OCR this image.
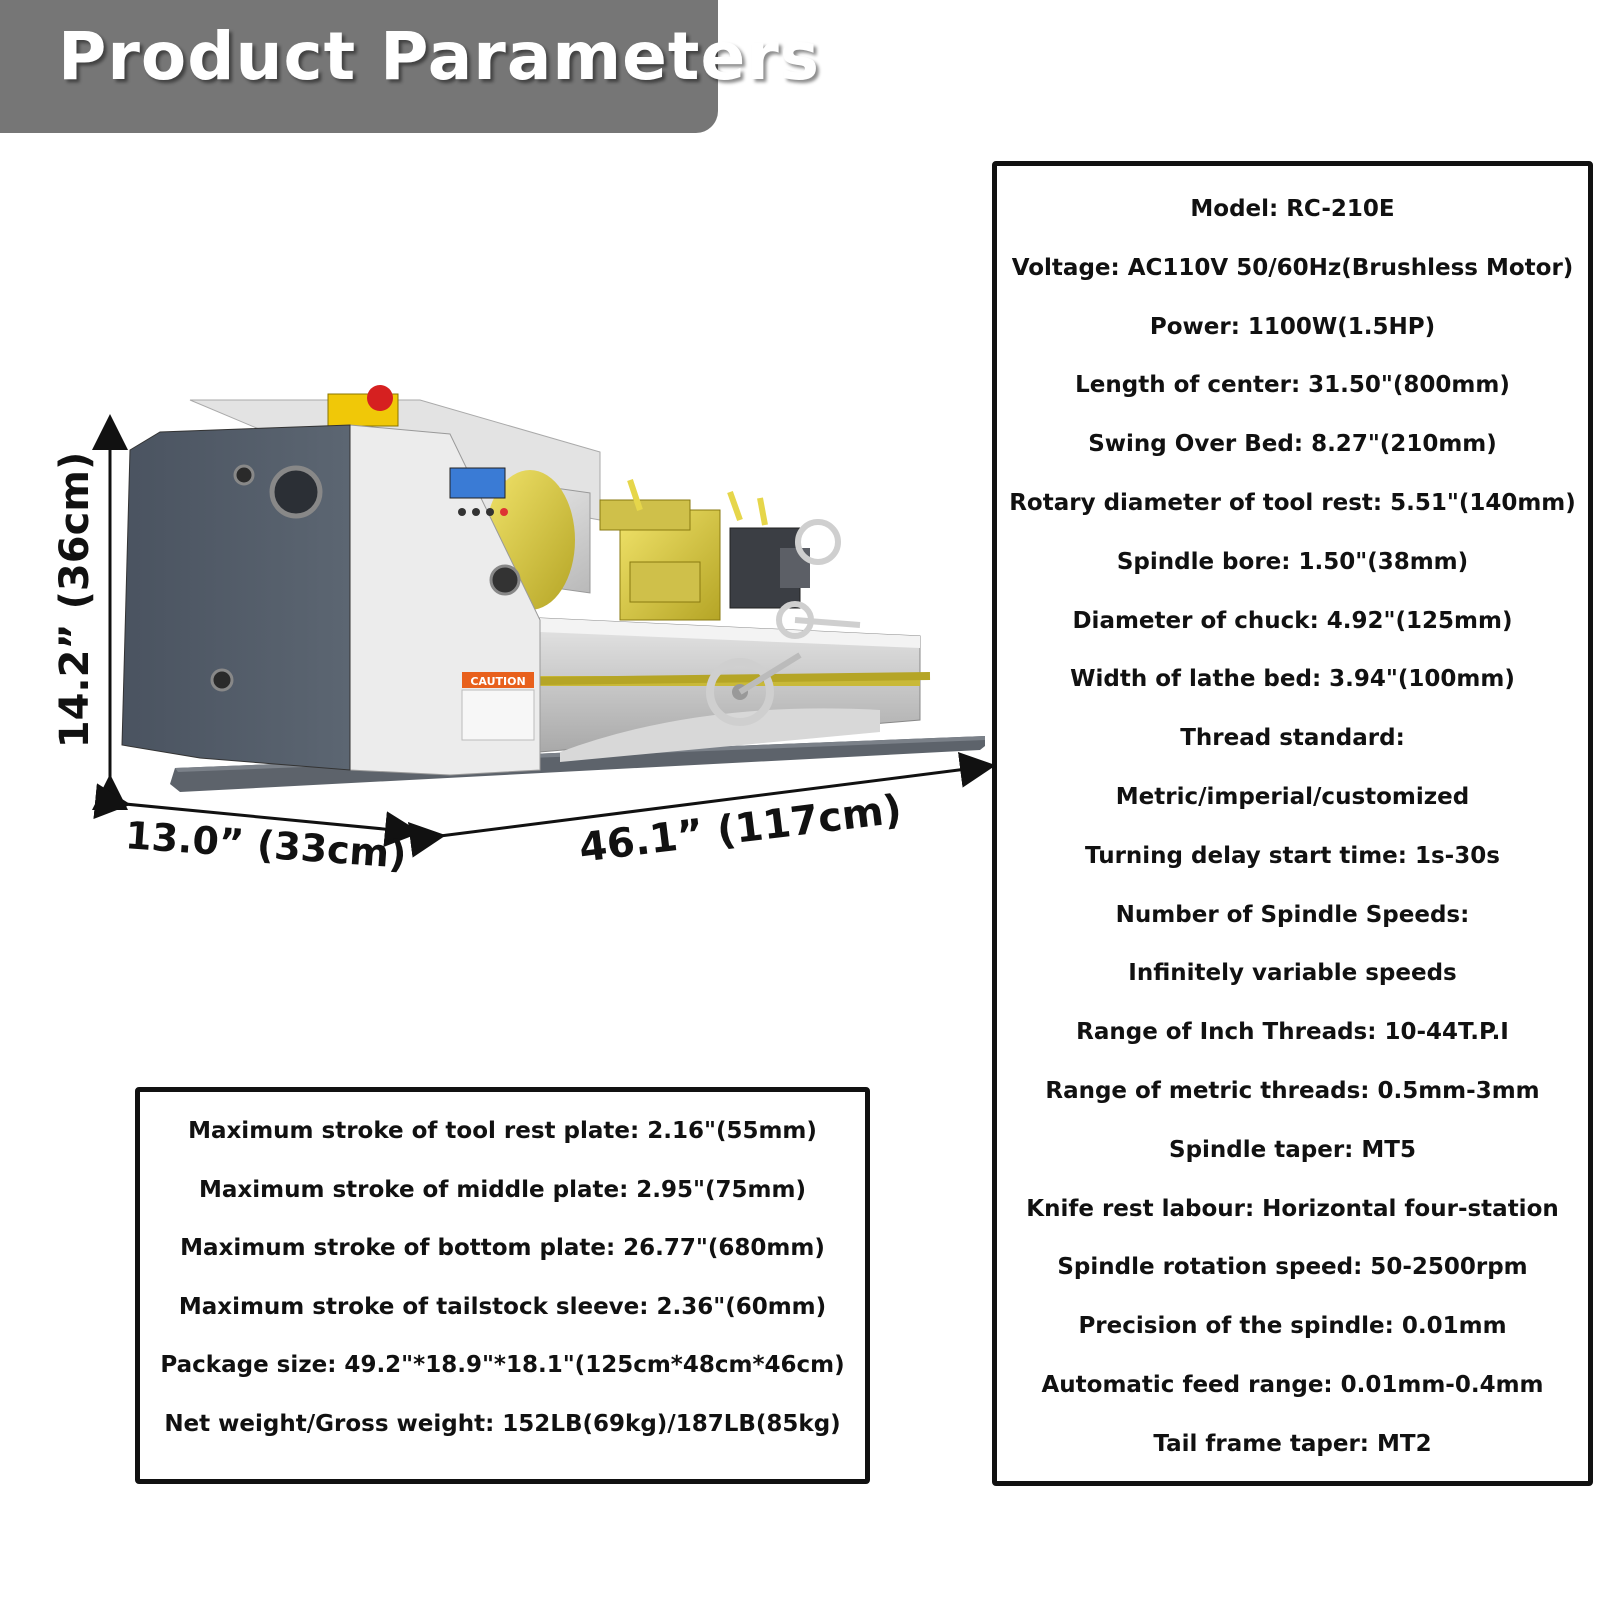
Product Parameters
CAUTION
14.2” (36cm)
13.0” (33cm)	46.1” (117cm)
Model: RC-210E
Voltage: AC110V 50/60Hz(Brushless Motor)
Power: 1100W(1.5HP)
Length of center: 31.50"(800mm)
Swing Over Bed: 8.27"(210mm)
Rotary diameter of tool rest: 5.51"(140mm)
Spindle bore: 1.50"(38mm)
Diameter of chuck: 4.92"(125mm)
Width of lathe bed: 3.94"(100mm)
Thread standard:
Metric/imperial/customized
Turning delay start time: 1s-30s
Number of Spindle Speeds:
Infinitely variable speeds
Range of Inch Threads: 10-44T.P.I
Range of metric threads: 0.5mm-3mm
Spindle taper: MT5
Knife rest labour: Horizontal four-station
Spindle rotation speed: 50-2500rpm
Precision of the spindle: 0.01mm
Automatic feed range: 0.01mm-0.4mm
Tail frame taper: MT2
Maximum stroke of tool rest plate: 2.16"(55mm)
Maximum stroke of middle plate: 2.95"(75mm)
Maximum stroke of bottom plate: 26.77"(680mm)
Maximum stroke of tailstock sleeve: 2.36"(60mm)
Package size: 49.2"*18.9"*18.1"(125cm*48cm*46cm)
Net weight/Gross weight: 152LB(69kg)/187LB(85kg)
